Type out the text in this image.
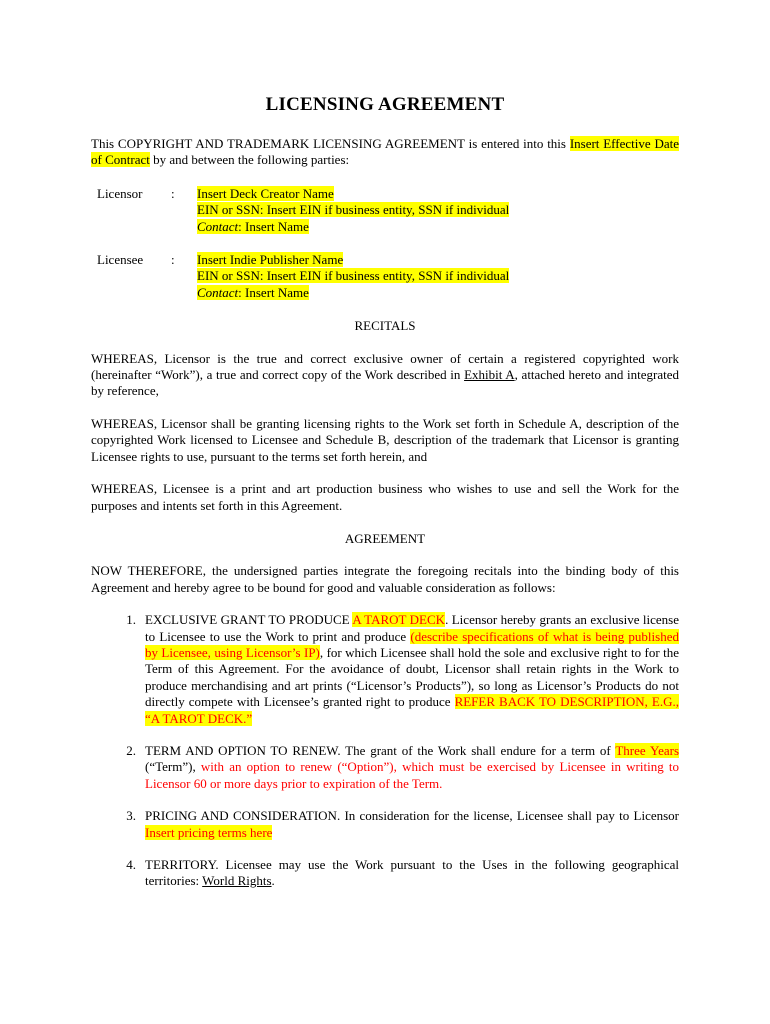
LICENSING AGREEMENT

This COPYRIGHT AND TRADEMARK LICENSING AGREEMENT is entered into this Insert Effective Date of Contract by and between the following parties:

Licensor	:	Insert Deck Creator Name
EIN or SSN: Insert EIN if business entity, SSN if individual
Contact: Insert Name
Licensee	:	Insert Indie Publisher Name
EIN or SSN: Insert EIN if business entity, SSN if individual
Contact: Insert Name

RECITALS

WHEREAS, Licensor is the true and correct exclusive owner of certain a registered copyrighted work (hereinafter “Work”), a true and correct copy of the Work described in Exhibit A, attached hereto and integrated by reference,

WHEREAS, Licensor shall be granting licensing rights to the Work set forth in Schedule A, description of the copyrighted Work licensed to Licensee and Schedule B, description of the trademark that Licensor is granting Licensee rights to use, pursuant to the terms set forth herein, and

WHEREAS, Licensee is a print and art production business who wishes to use and sell the Work for the purposes and intents set forth in this Agreement.

AGREEMENT

NOW THEREFORE, the undersigned parties integrate the foregoing recitals into the binding body of this Agreement and hereby agree to be bound for good and valuable consideration as follows:

1. EXCLUSIVE GRANT TO PRODUCE A TAROT DECK. Licensor hereby grants an exclusive license to Licensee to use the Work to print and produce (describe specifications of what is being published by Licensee, using Licensor’s IP), for which Licensee shall hold the sole and exclusive right to for the Term of this Agreement. For the avoidance of doubt, Licensor shall retain rights in the Work to produce merchandising and art prints (“Licensor’s Products”), so long as Licensor’s Products do not directly compete with Licensee’s granted right to produce REFER BACK TO DESCRIPTION, E.G., “A TAROT DECK.”
2. TERM AND OPTION TO RENEW. The grant of the Work shall endure for a term of Three Years (“Term”), with an option to renew (“Option”), which must be exercised by Licensee in writing to Licensor 60 or more days prior to expiration of the Term.
3. PRICING AND CONSIDERATION. In consideration for the license, Licensee shall pay to Licensor Insert pricing terms here
4. TERRITORY. Licensee may use the Work pursuant to the Uses in the following geographical territories: World Rights.
